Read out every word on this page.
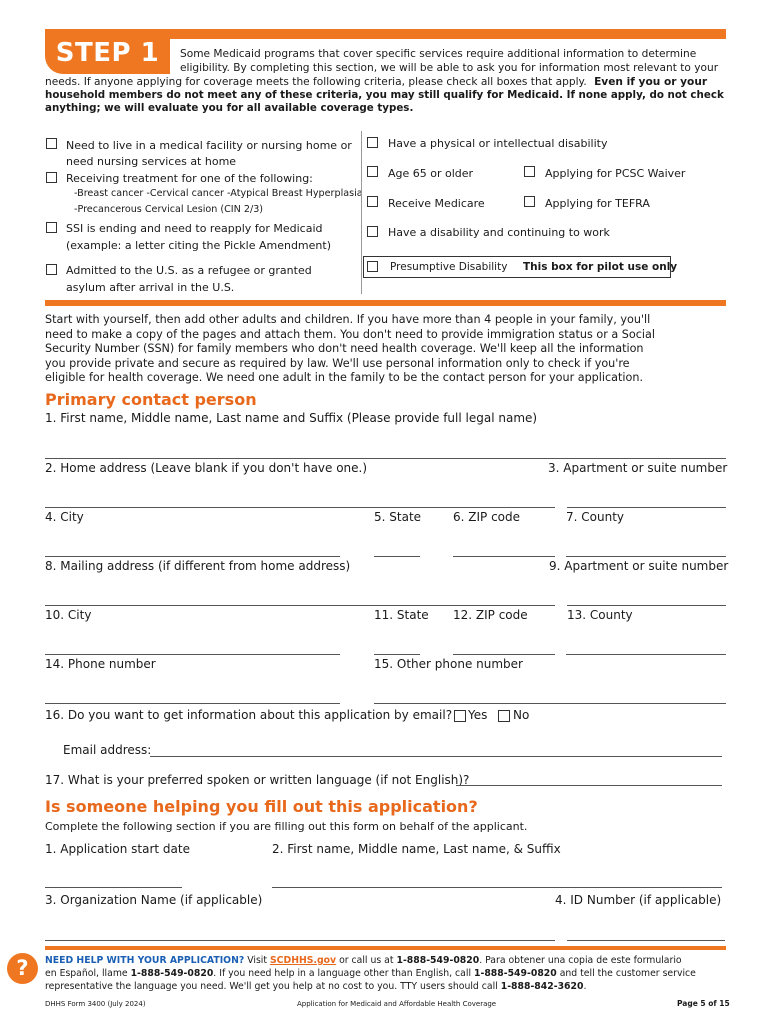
STEP 1	Some Medicaid programs that cover specific services require additional information to determine
eligibility. By completing this section, we will be able to ask you for information most relevant to your
needs. If anyone applying for coverage meets the following criteria, please check all boxes that apply. Even if you or your
household members do not meet any of these criteria, you may still qualify for Medicaid. If none apply, do not check
anything; we will evaluate you for all available coverage types.
Need to live in a medical facility or nursing home or
need nursing services at home
Receiving treatment for one of the following:
-Breast cancer -Cervical cancer -Atypical Breast Hyperplasia
-Precancerous Cervical Lesion (CIN 2/3)
SSI is ending and need to reapply for Medicaid
(example: a letter citing the Pickle Amendment)
Admitted to the U.S. as a refugee or granted
asylum after arrival in the U.S.
Have a physical or intellectual disability
Age 65 or older	Applying for PCSC Waiver
Receive Medicare	Applying for TEFRA
Have a disability and continuing to work
Presumptive Disability This box for pilot use only
Start with yourself, then add other adults and children. If you have more than 4 people in your family, you'll
need to make a copy of the pages and attach them. You don't need to provide immigration status or a Social
Security Number (SSN) for family members who don't need health coverage. We'll keep all the information
you provide private and secure as required by law. We'll use personal information only to check if you're
eligible for health coverage. We need one adult in the family to be the contact person for your application.
Primary contact person
1. First name, Middle name, Last name and Suffix (Please provide full legal name)
2. Home address (Leave blank if you don't have one.)	3. Apartment or suite number
4. City	5. State	6. ZIP code	7. County
8. Mailing address (if different from home address)	9. Apartment or suite number
10. City	11. State 12. ZIP code	13. County
14. Phone number	15. Other phone number
16. Do you want to get information about this application by email? Yes No
Email address:
17. What is your preferred spoken or written language (if not English)?
Is someone helping you fill out this application?
Complete the following section if you are filling out this form on behalf of the applicant.
1. Application start date	2. First name, Middle name, Last name, & Suffix
3. Organization Name (if applicable)	4. ID Number (if applicable)
?	NEED HELP WITH YOUR APPLICATION? Visit SCDHHS.gov or call us at 1-888-549-0820. Para obtener una copia de este formulario
en Español, llame 1-888-549-0820. If you need help in a language other than English, call 1-888-549-0820 and tell the customer service
representative the language you need. We'll get you help at no cost to you. TTY users should call 1-888-842-3620.
DHHS Form 3400 (July 2024)	Application for Medicaid and Affordable Health Coverage	Page 5 of 15
